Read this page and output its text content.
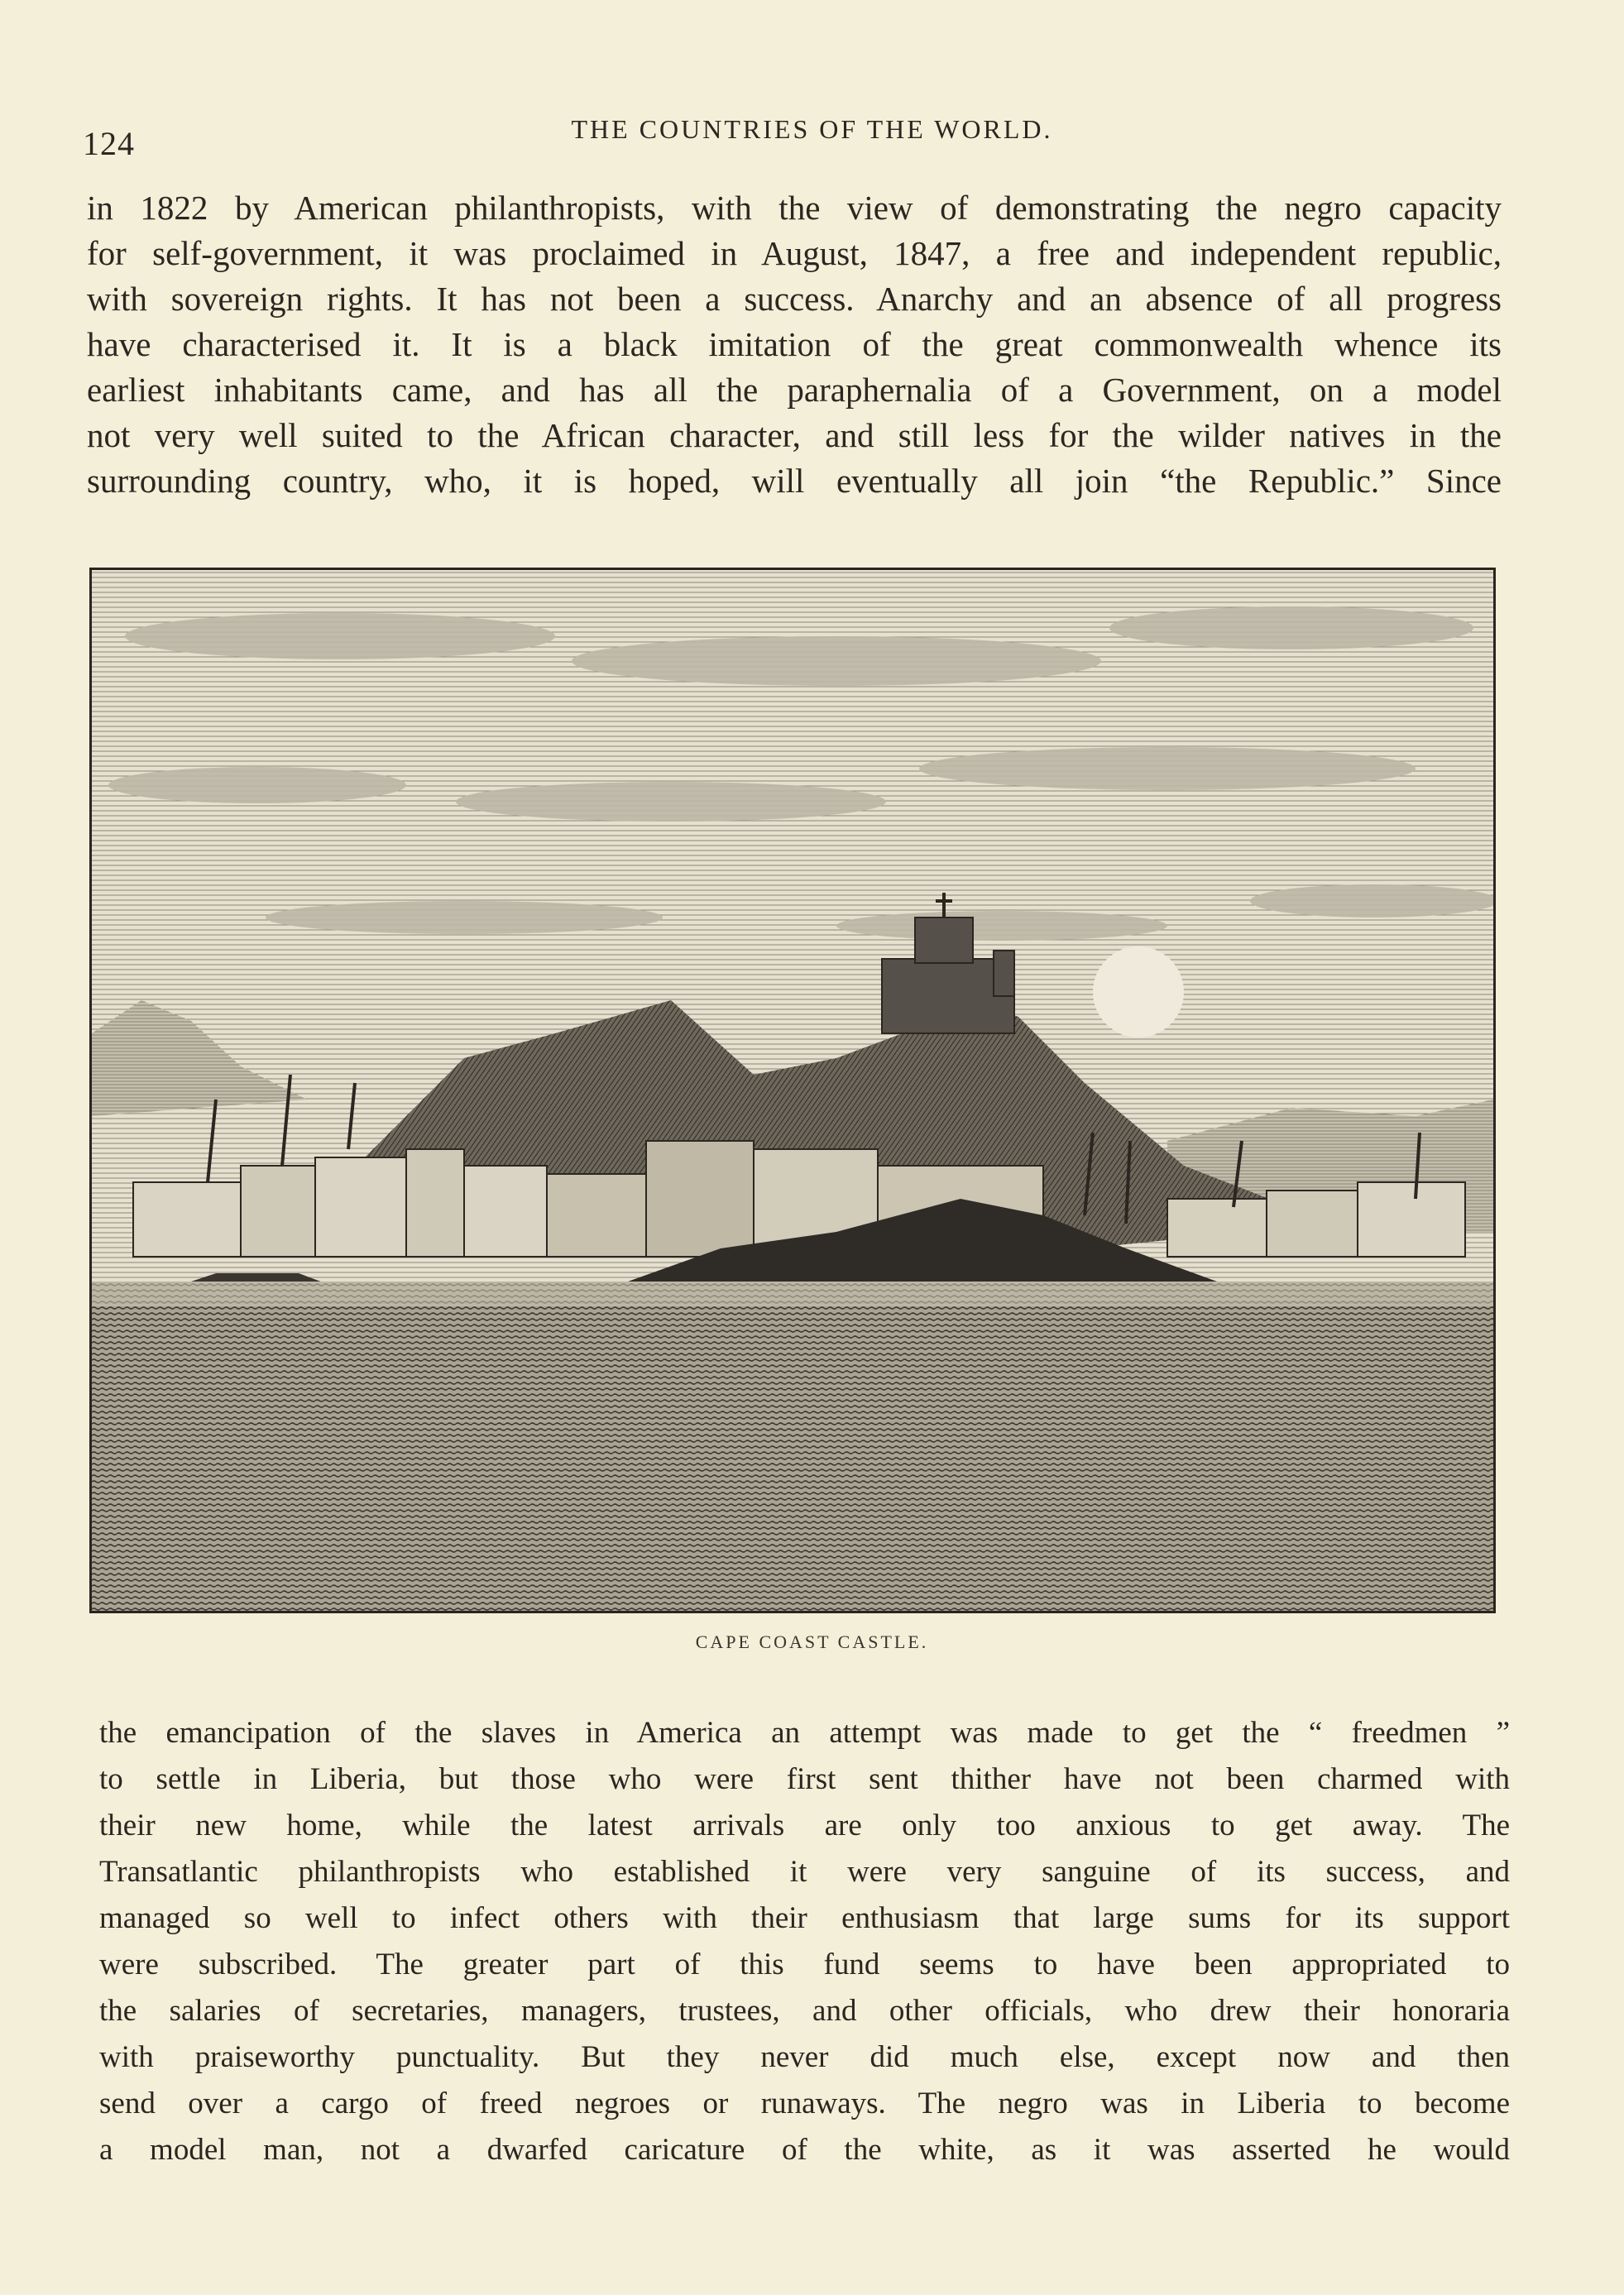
124	THE COUNTRIES OF THE WORLD.
in 1822 by American philanthropists, with the view of demonstrating the negro capacity
for self-government, it was proclaimed in August, 1847, a free and independent republic,
with sovereign rights. It has not been a success. Anarchy and an absence of all progress
have characterised it. It is a black imitation of the great commonwealth whence its
earliest inhabitants came, and has all the paraphernalia of a Government, on a model
not very well suited to the African character, and still less for the wilder natives in the
surrounding country, who, it is hoped, will eventually all join “the Republic.” Since
CAPE COAST CASTLE.
the emancipation of the slaves in America an attempt was made to get the “ freedmen ”
to settle in Liberia, but those who were first sent thither have not been charmed with
their new home, while the latest arrivals are only too anxious to get away. The
Transatlantic philanthropists who established it were very sanguine of its success, and
managed so well to infect others with their enthusiasm that large sums for its support
were subscribed. The greater part of this fund seems to have been appropriated to
the salaries of secretaries, managers, trustees, and other officials, who drew their honoraria
with praiseworthy punctuality. But they never did much else, except now and then
send over a cargo of freed negroes or runaways. The negro was in Liberia to become
a model man, not a dwarfed caricature of the white, as it was asserted he would
